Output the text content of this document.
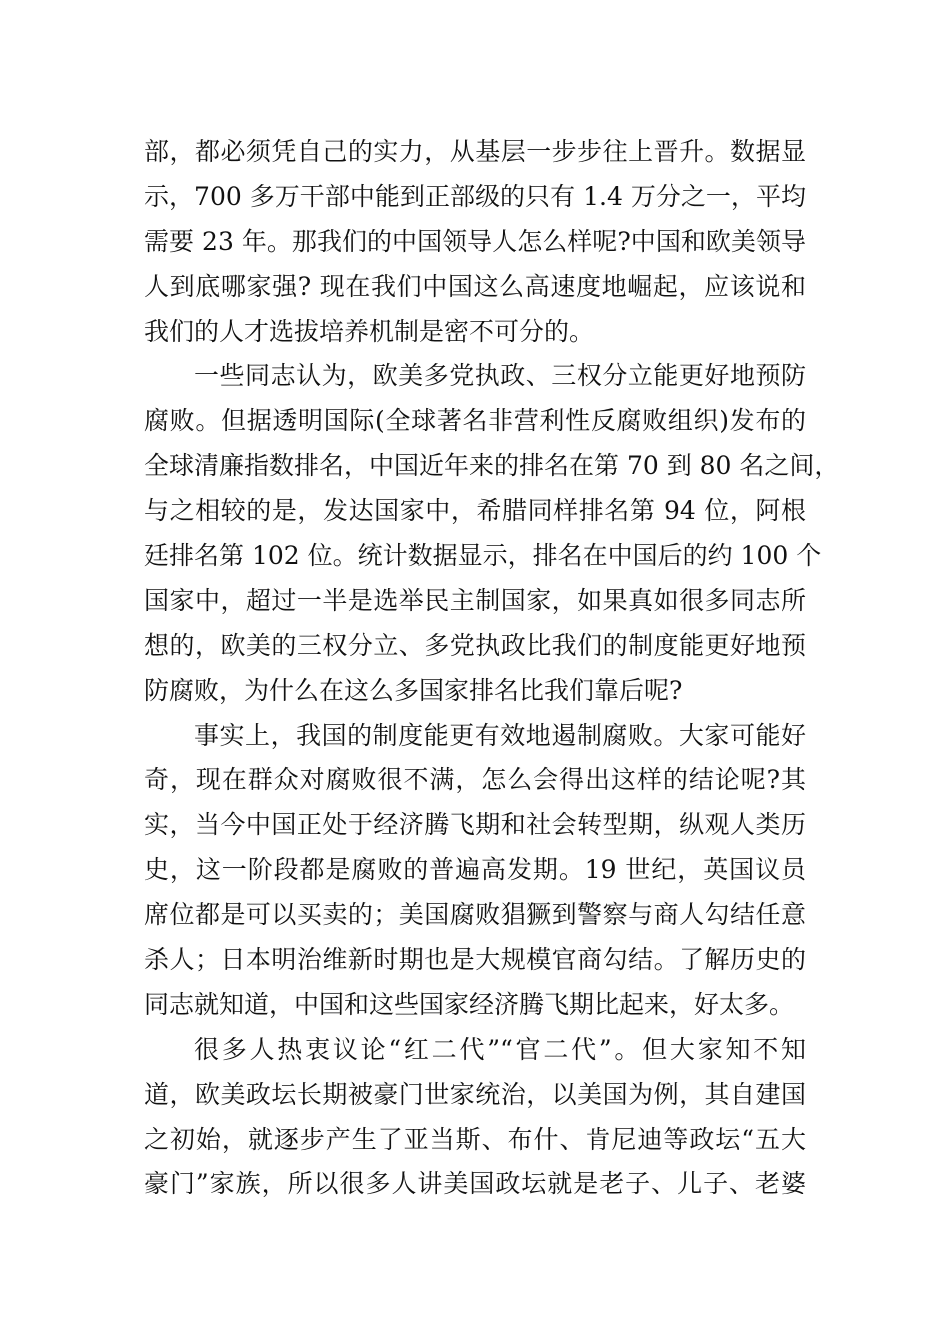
部，都必须凭自己的实力，从基层一步步往上晋升。数据显
示，700 多万干部中能到正部级的只有 1.4 万分之一，平均
需要 23 年。那我们的中国领导人怎么样呢?中国和欧美领导
人到底哪家强? 现在我们中国这么高速度地崛起，应该说和
我们的人才选拔培养机制是密不可分的。
一些同志认为，欧美多党执政、三权分立能更好地预防
腐败。但据透明国际(全球著名非营利性反腐败组织)发布的
全球清廉指数排名，中国近年来的排名在第 70 到 80 名之间，
与之相较的是，发达国家中，希腊同样排名第 94 位，阿根
廷排名第 102 位。统计数据显示，排名在中国后的约 100 个
国家中，超过一半是选举民主制国家，如果真如很多同志所
想的，欧美的三权分立、多党执政比我们的制度能更好地预
防腐败，为什么在这么多国家排名比我们靠后呢?
事实上，我国的制度能更有效地遏制腐败。大家可能好
奇，现在群众对腐败很不满，怎么会得出这样的结论呢?其
实，当今中国正处于经济腾飞期和社会转型期，纵观人类历
史，这一阶段都是腐败的普遍高发期。19 世纪，英国议员
席位都是可以买卖的；美国腐败猖獗到警察与商人勾结任意
杀人；日本明治维新时期也是大规模官商勾结。了解历史的
同志就知道，中国和这些国家经济腾飞期比起来，好太多。
很多人热衷议论“红二代”“官二代”。但大家知不知
道，欧美政坛长期被豪门世家统治，以美国为例，其自建国
之初始，就逐步产生了亚当斯、布什、肯尼迪等政坛“五大
豪门”家族，所以很多人讲美国政坛就是老子、儿子、老婆
